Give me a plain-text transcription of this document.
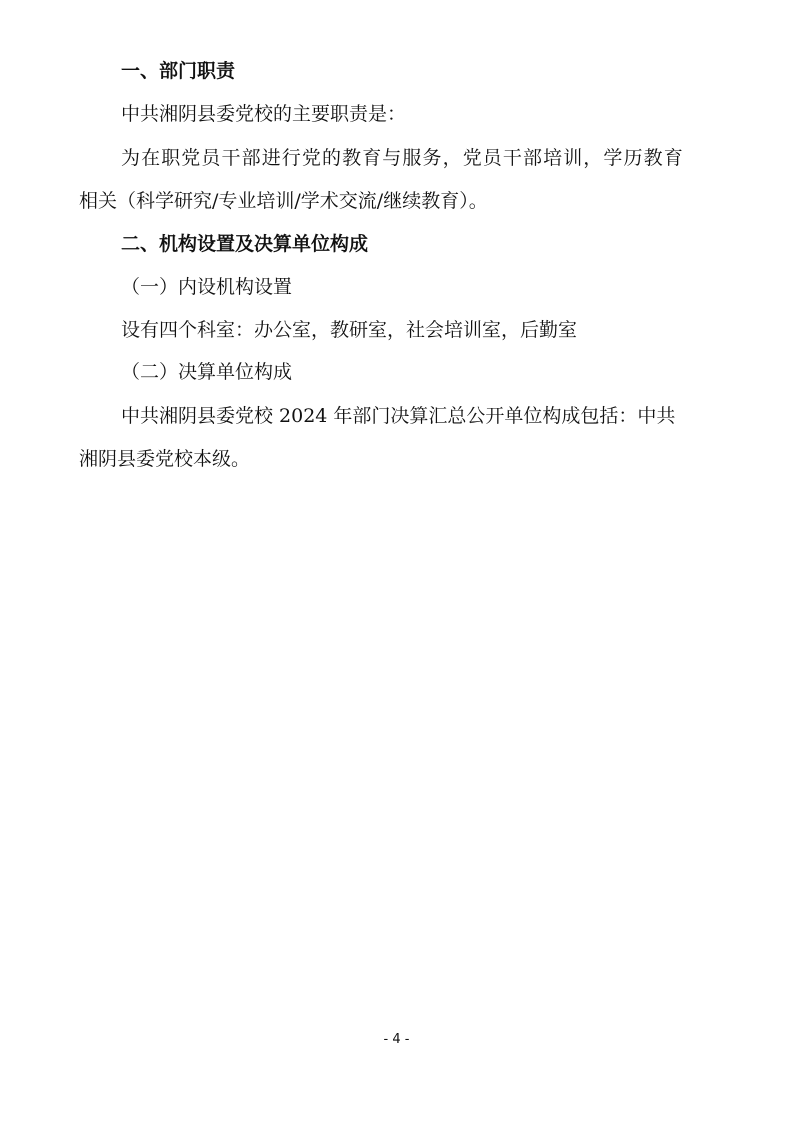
一、部门职责
中共湘阴县委党校的主要职责是：
为在职党员干部进行党的教育与服务，党员干部培训，学历教育
相关（科学研究/专业培训/学术交流/继续教育）。
二、机构设置及决算单位构成
（一）内设机构设置
设有四个科室：办公室，教研室，社会培训室，后勤室
（二）决算单位构成
中共湘阴县委党校 2024 年部门决算汇总公开单位构成包括：中共
湘阴县委党校本级。
- 4 -
